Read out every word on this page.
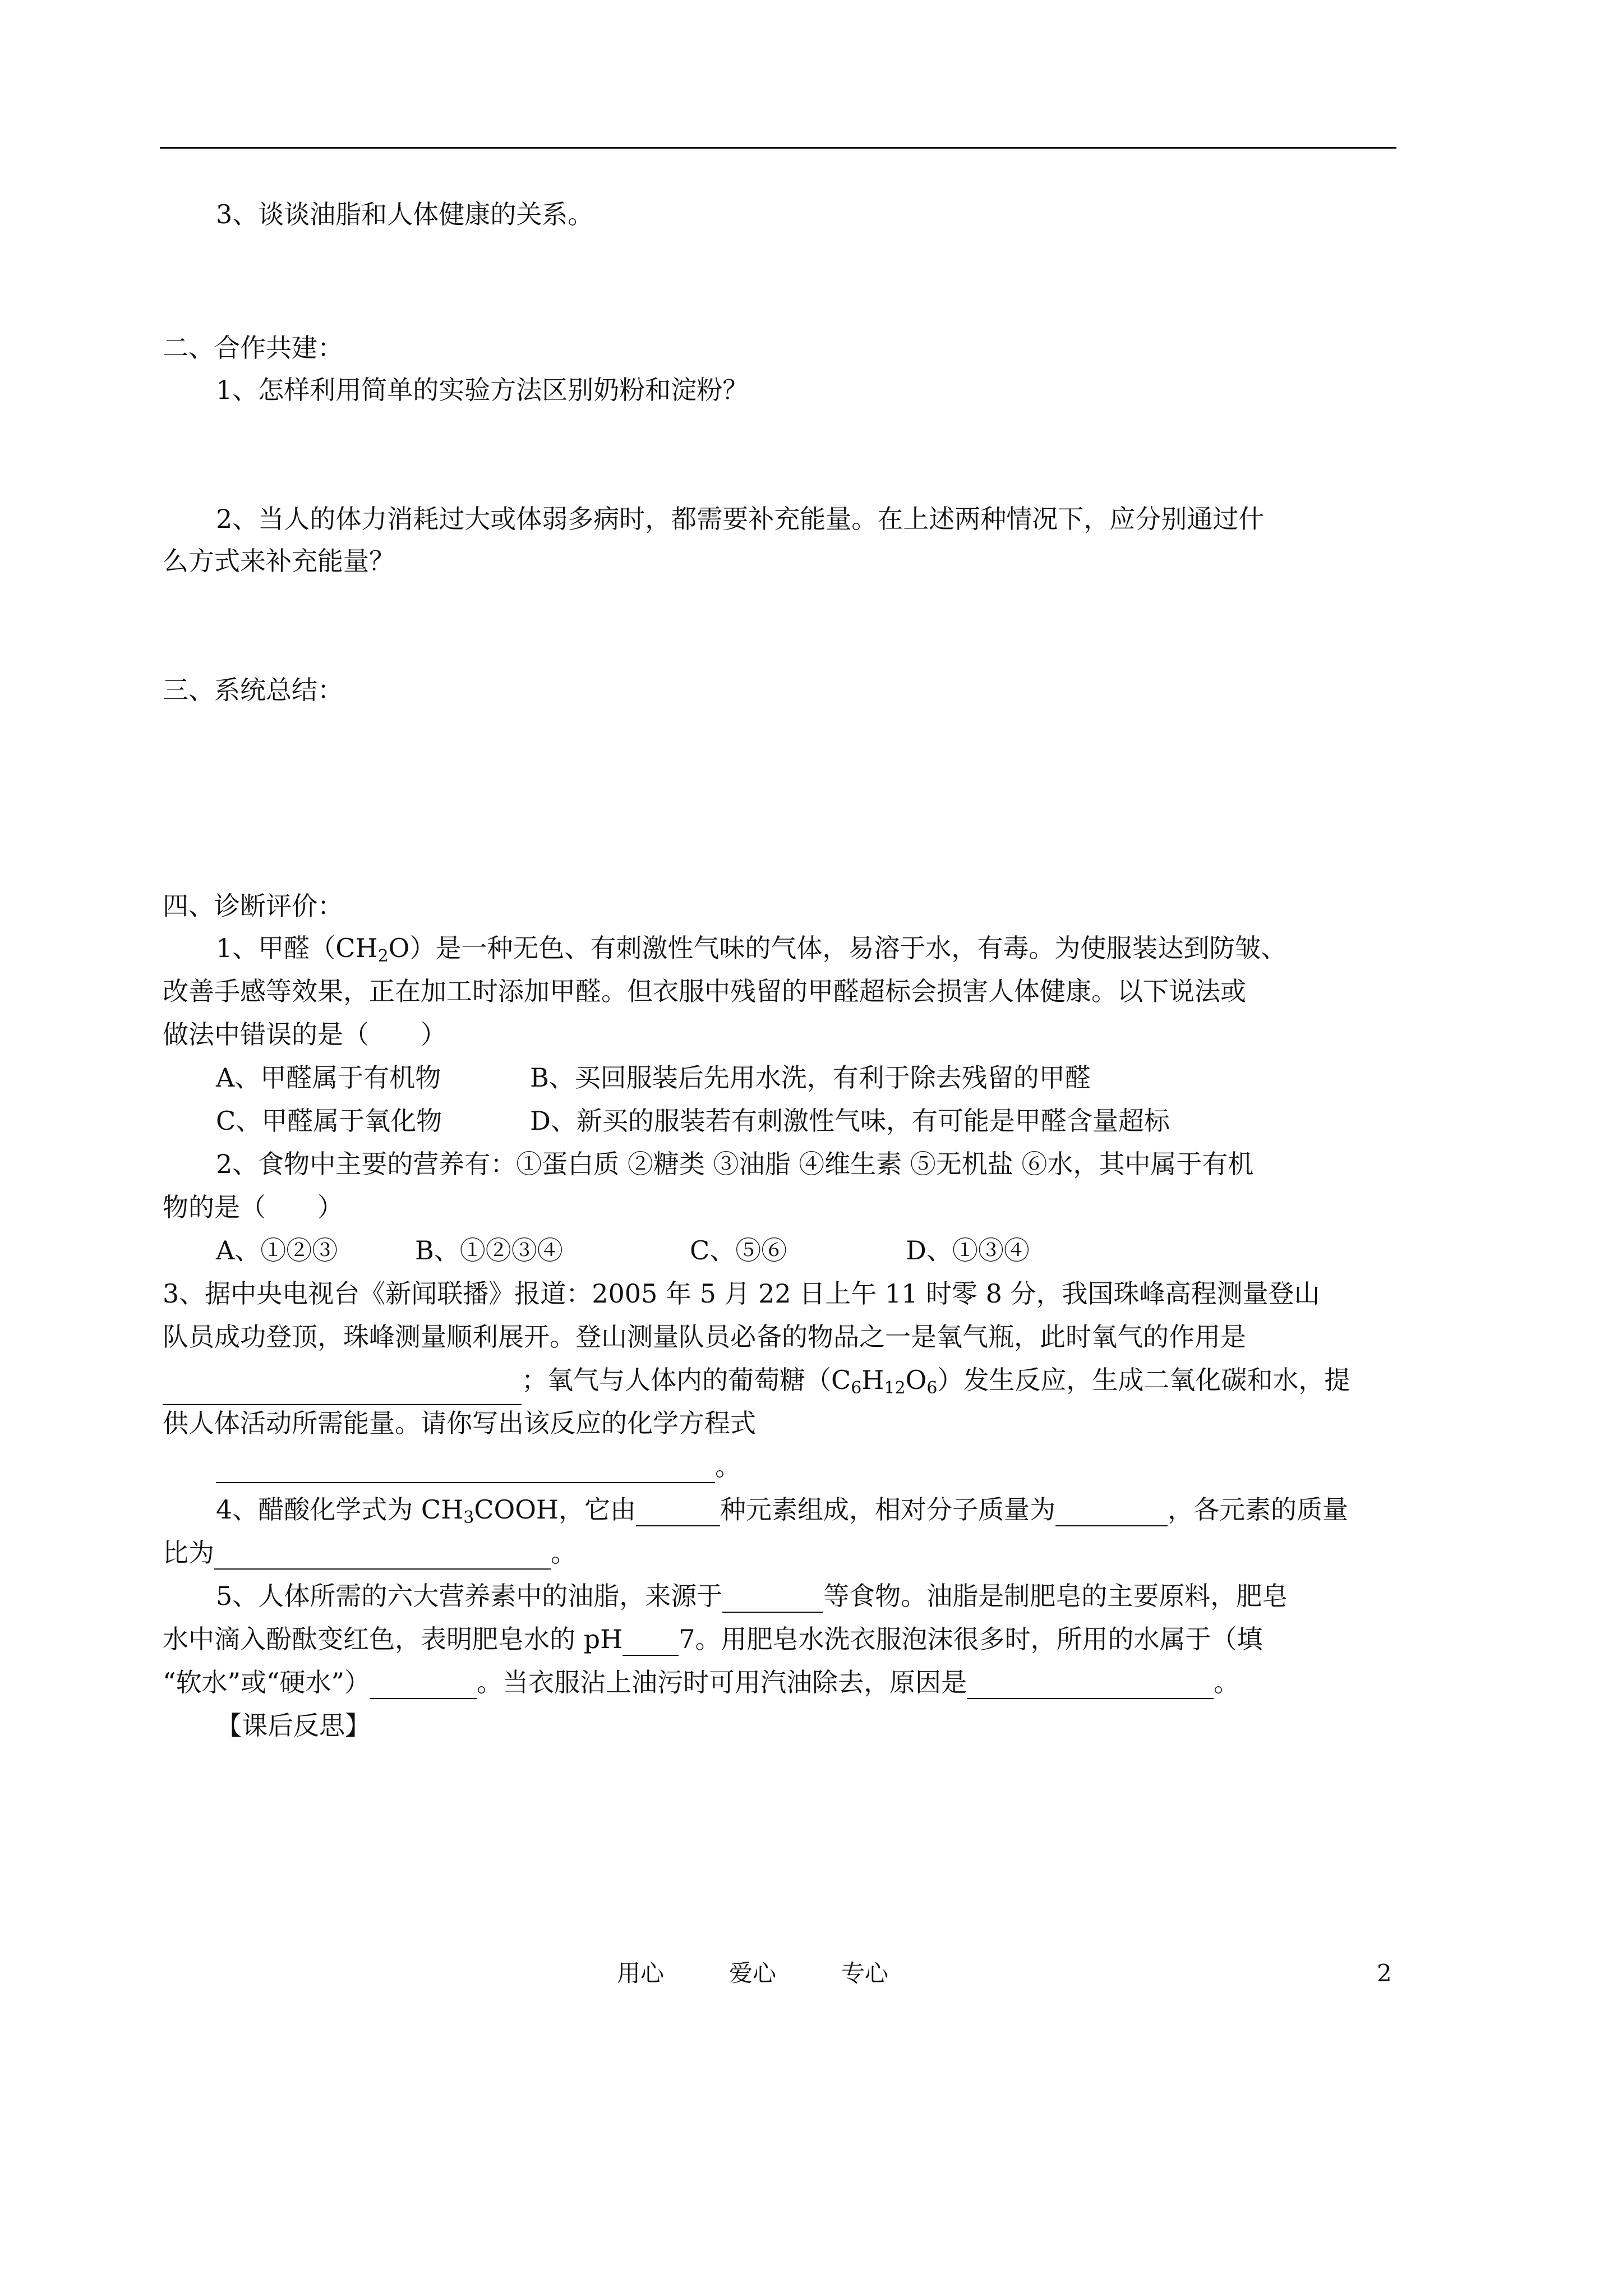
3、谈谈油脂和人体健康的关系。
二、合作共建：
1、怎样利用简单的实验方法区别奶粉和淀粉？
2、当人的体力消耗过大或体弱多病时，都需要补充能量。在上述两种情况下，应分别通过什
么方式来补充能量？
三、系统总结：
四、诊断评价：
1、甲醛$(CH_2O)$是一种无色、有刺激性气味的气体，易溶于水，有毒。为使服装达到防皱、
改善手感等效果，正在加工时添加甲醛。但衣服中残留的甲醛超标会损害人体健康。以下说法或
做法中错误的是（　　）
A、甲醛属于有机物	B、买回服装后先用水洗，有利于除去残留的甲醛
C、甲醛属于氧化物	D、新买的服装若有刺激性气味，有可能是甲醛含量超标
2、食物中主要的营养有：①蛋白质 ②糖类 ③油脂 ④维生素 ⑤无机盐 ⑥水，其中属于有机
物的是（　　）
A、①②③	B、①②③④	C、⑤⑥	D、①③④
3、据中央电视台《新闻联播》报道：2005 年 5 月 22 日上午 11 时零 8 分，我国珠峰高程测量登山
队员成功登顶，珠峰测量顺利展开。登山测量队员必备的物品之一是氧气瓶，此时氧气的作用是
；氧气与人体内的葡萄糖（C6H12O6）发生反应，生成二氧化碳和水，提
供人体活动所需能量。请你写出该反应的化学方程式
。
4、醋酸化学式为 $CH_3COOH$，它由	种元素组成，相对分子质量为	，各元素的质量
比为	。
5、人体所需的六大营养素中的油脂，来源于	等食物。油脂是制肥皂的主要原料，肥皂
水中滴入酚酞变红色，表明肥皂水的 pH 7。用肥皂水洗衣服泡沫很多时，所用的水属于（填
“软水”或“硬水”）	。当衣服沾上油污时可用汽油除去，原因是	。
【课后反思】
用心	爱心	专心	2
